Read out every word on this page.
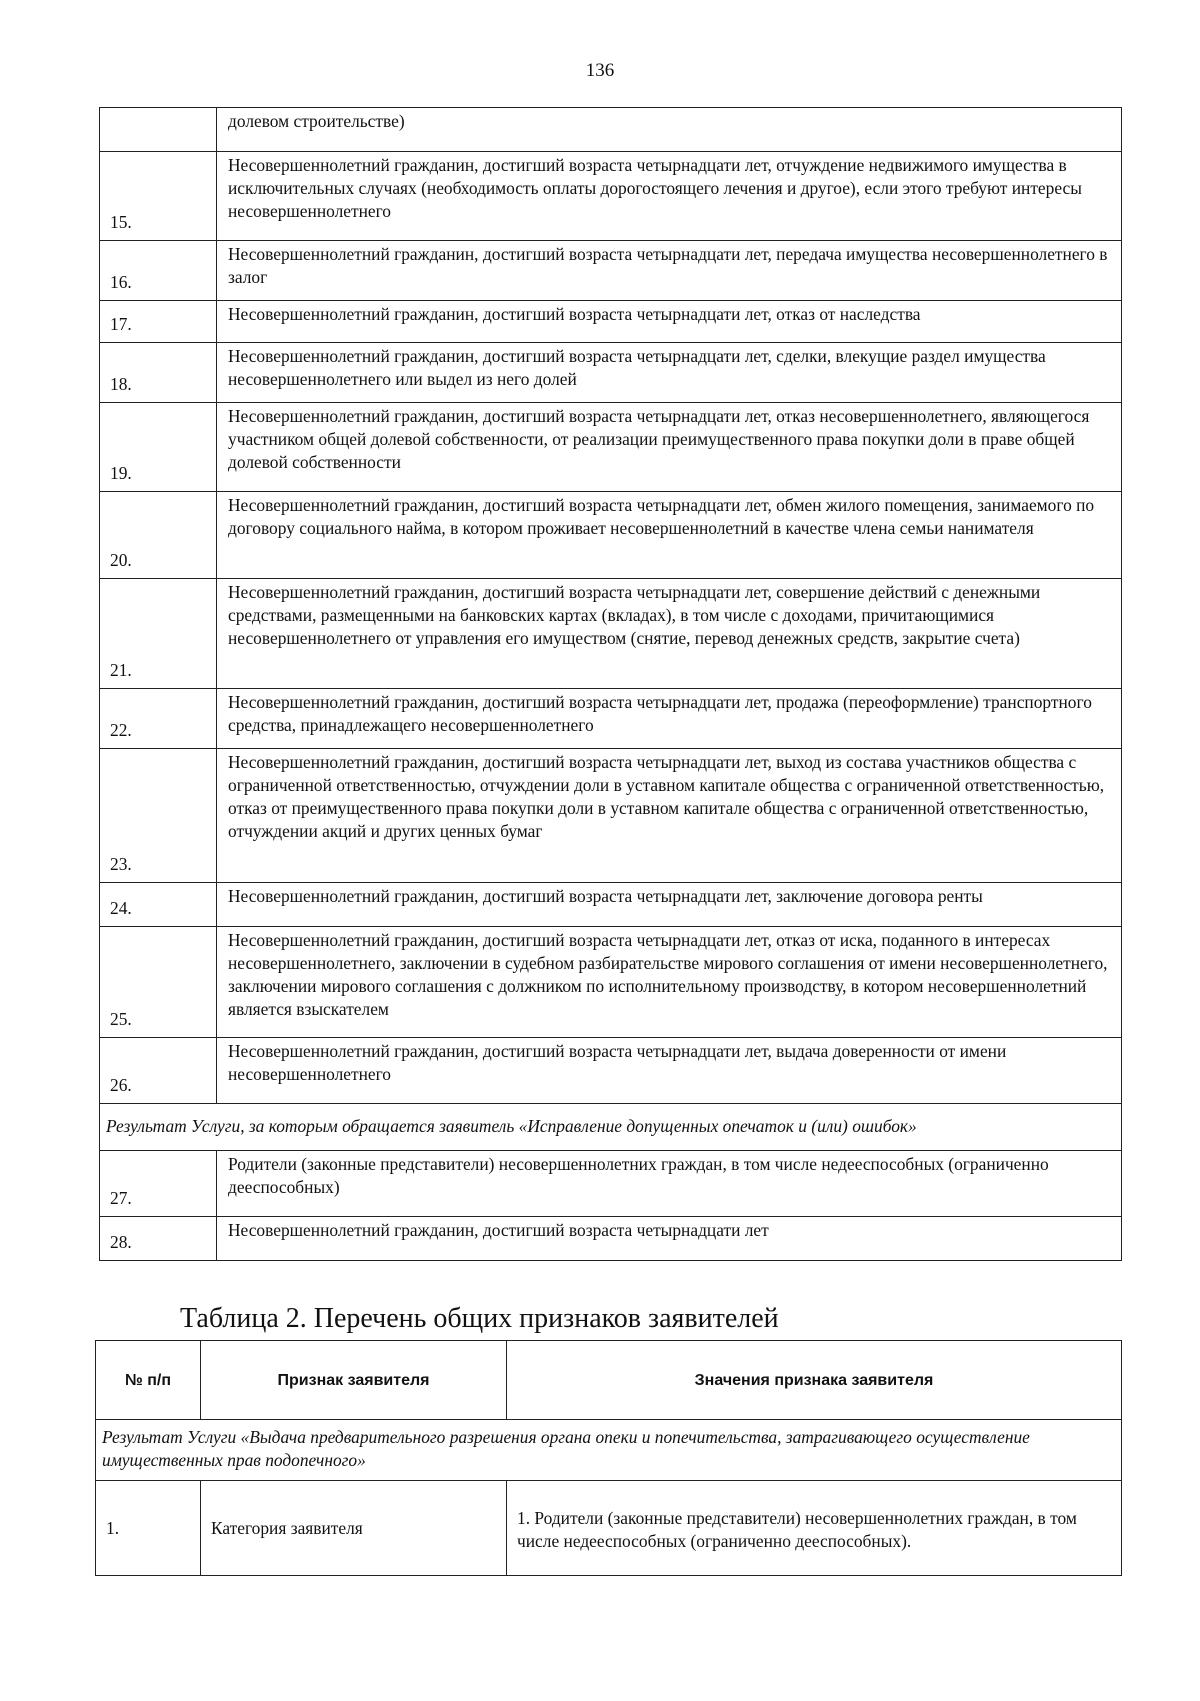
136
	долевом строительстве)
15.	Несовершеннолетний гражданин, достигший возраста четырнадцати лет, отчуждение недвижимого имущества в исключительных случаях (необходимость оплаты дорогостоящего лечения и другое), если этого требуют интересы несовершеннолетнего
16.	Несовершеннолетний гражданин, достигший возраста четырнадцати лет, передача имущества несовершеннолетнего в залог
17.	Несовершеннолетний гражданин, достигший возраста четырнадцати лет, отказ от наследства
18.	Несовершеннолетний гражданин, достигший возраста четырнадцати лет, сделки, влекущие раздел имущества несовершеннолетнего или выдел из него долей
19.	Несовершеннолетний гражданин, достигший возраста четырнадцати лет, отказ несовершеннолетнего, являющегося участником общей долевой собственности, от реализации преимущественного права покупки доли в праве общей долевой собственности
20.	Несовершеннолетний гражданин, достигший возраста четырнадцати лет, обмен жилого помещения, занимаемого по договору социального найма, в котором проживает несовершеннолетний в качестве члена семьи нанимателя
21.	Несовершеннолетний гражданин, достигший возраста четырнадцати лет, совершение действий с денежными средствами, размещенными на банковских картах (вкладах), в том числе с доходами, причитающимися несовершеннолетнего от управления его имуществом (снятие, перевод денежных средств, закрытие счета)
22.	Несовершеннолетний гражданин, достигший возраста четырнадцати лет, продажа (переоформление) транспортного средства, принадлежащего несовершеннолетнего
23.	Несовершеннолетний гражданин, достигший возраста четырнадцати лет, выход из состава участников общества с ограниченной ответственностью, отчуждении доли в уставном капитале общества с ограниченной ответственностью, отказ от преимущественного права покупки доли в уставном капитале общества с ограниченной ответственностью, отчуждении акций и других ценных бумаг
24.	Несовершеннолетний гражданин, достигший возраста четырнадцати лет, заключение договора ренты
25.	Несовершеннолетний гражданин, достигший возраста четырнадцати лет, отказ от иска, поданного в интересах несовершеннолетнего, заключении в судебном разбирательстве мирового соглашения от имени несовершеннолетнего, заключении мирового соглашения с должником по исполнительному производству, в котором несовершеннолетний является взыскателем
26.	Несовершеннолетний гражданин, достигший возраста четырнадцати лет, выдача доверенности от имени несовершеннолетнего
Результат Услуги, за которым обращается заявитель «Исправление допущенных опечаток и (или) ошибок»	
27.	Родители (законные представители) несовершеннолетних граждан, в том числе недееспособных (ограниченно дееспособных)
28.	Несовершеннолетний гражданин, достигший возраста четырнадцати лет
Таблица 2. Перечень общих признаков заявителей
№ п/п	Признак заявителя	Значения признака заявителя
Результат Услуги «Выдача предварительного разрешения органа опеки и попечительства, затрагивающего осуществление имущественных прав подопечного»		
1.	Категория заявителя	1. Родители (законные представители) несовершеннолетних граждан, в том числе недееспособных (ограниченно дееспособных).
